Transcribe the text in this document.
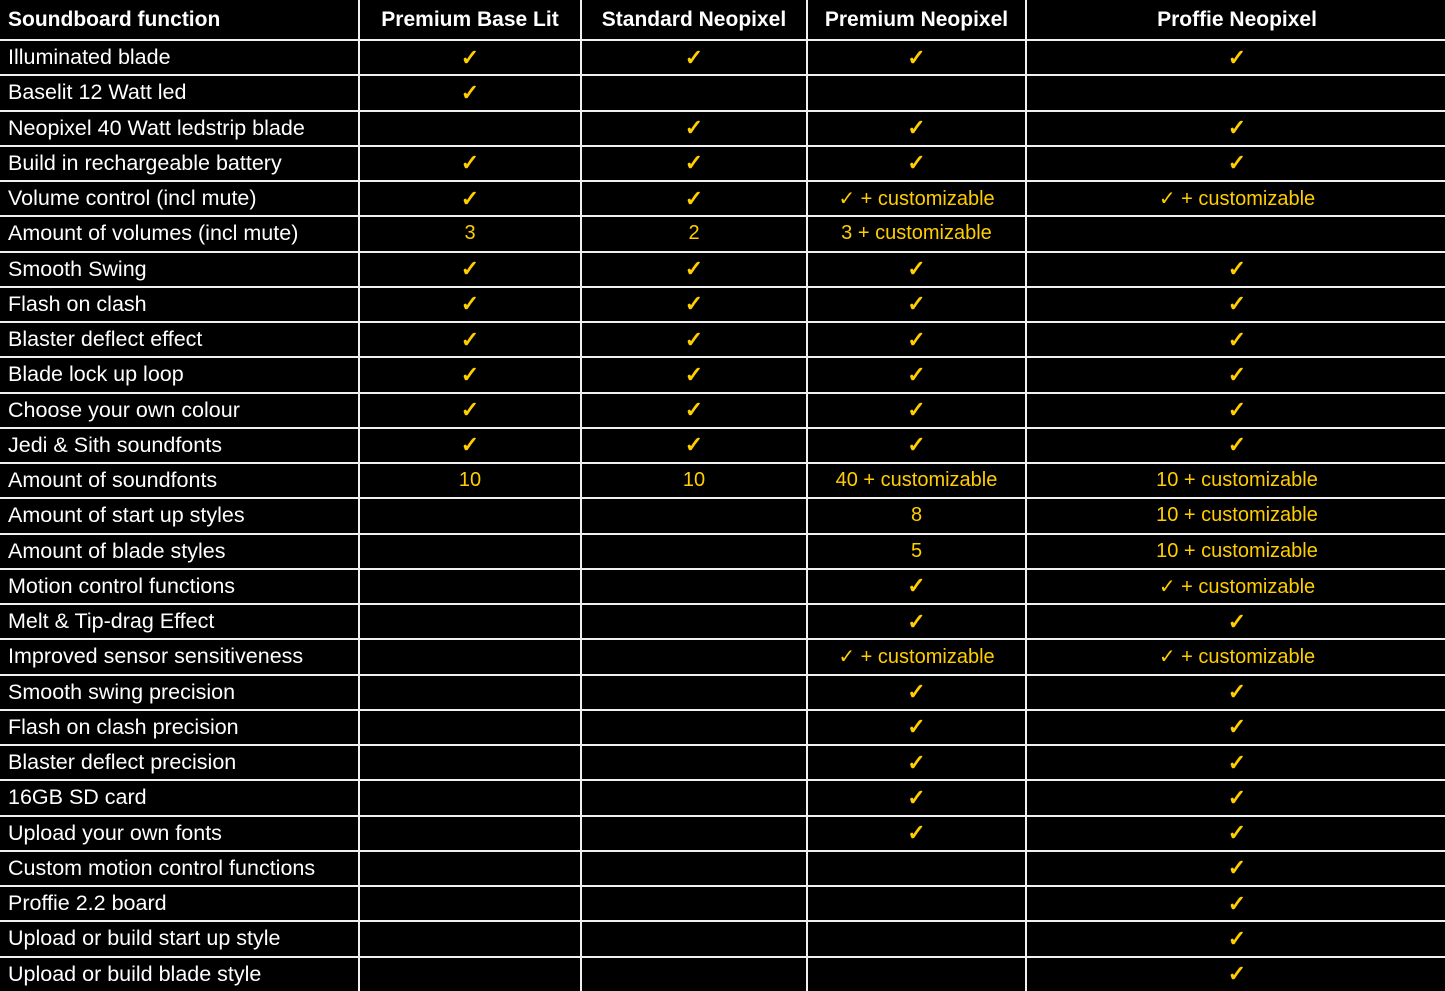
Soundboard function	Premium Base Lit	Standard Neopixel	Premium Neopixel	Proffie Neopixel
Illuminated blade	✓	✓	✓	✓
Baselit 12 Watt led	✓			
Neopixel 40 Watt ledstrip blade		✓	✓	✓
Build in rechargeable battery	✓	✓	✓	✓
Volume control (incl mute)	✓	✓	✓ + customizable	✓ + customizable
Amount of volumes (incl mute)	3	2	3 + customizable	
Smooth Swing	✓	✓	✓	✓
Flash on clash	✓	✓	✓	✓
Blaster deflect effect	✓	✓	✓	✓
Blade lock up loop	✓	✓	✓	✓
Choose your own colour	✓	✓	✓	✓
Jedi & Sith soundfonts	✓	✓	✓	✓
Amount of soundfonts	10	10	40 + customizable	10 + customizable
Amount of start up styles			8	10 + customizable
Amount of blade styles			5	10 + customizable
Motion control functions			✓	✓ + customizable
Melt & Tip-drag Effect			✓	✓
Improved sensor sensitiveness			✓ + customizable	✓ + customizable
Smooth swing precision			✓	✓
Flash on clash precision			✓	✓
Blaster deflect precision			✓	✓
16GB SD card			✓	✓
Upload your own fonts			✓	✓
Custom motion control functions				✓
Proffie 2.2 board				✓
Upload or build start up style				✓
Upload or build blade style				✓
